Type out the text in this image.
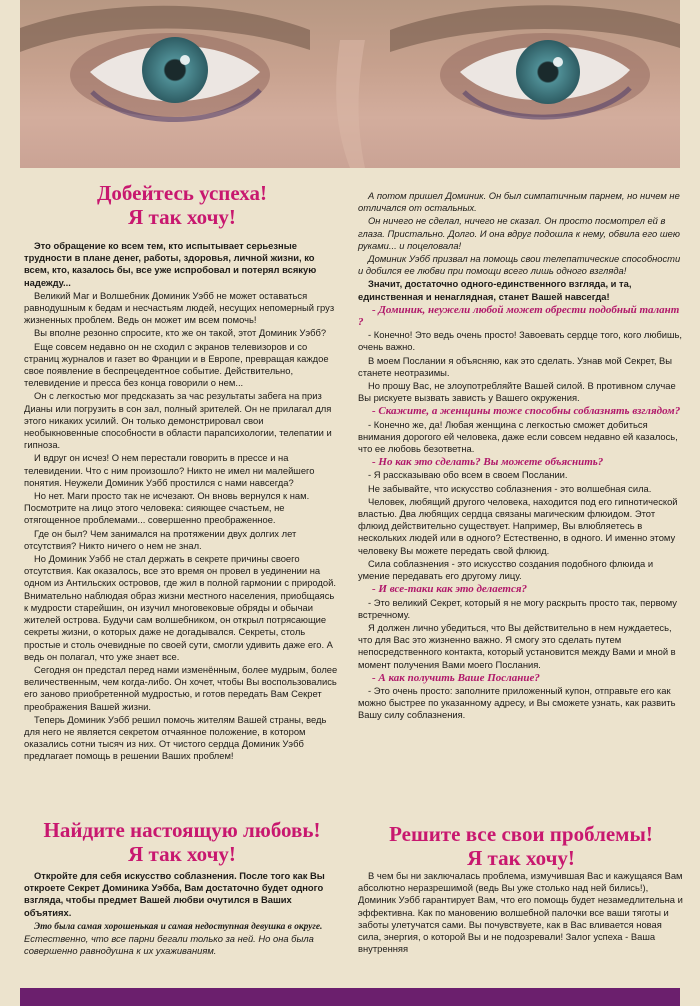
Добейтесь успеха!
Я так хочу!

Это обращение ко всем тем, кто испытывает серьезные трудности в плане денег, работы, здоровья, личной жизни, ко всем, кто, казалось бы, все уже испробовал и потерял всякую надежду...

Великий Маг и Волшебник Доминик Уэбб не может оставаться равнодушным к бедам и несчастьям людей, несущих непомерный груз жизненных проблем. Ведь он может им всем помочь!

Вы вполне резонно спросите, кто же он такой, этот Доминик Уэбб?

Еще совсем недавно он не сходил с экранов телевизоров и со страниц журналов и газет во Франции и в Европе, превращая каждое свое появление в беспрецедентное событие. Действительно, телевидение и пресса без конца говорили о нем...

Он с легкостью мог предсказать за час результаты забега на приз Дианы или погрузить в сон зал, полный зрителей. Он не прилагал для этого никаких усилий. Он только демонстрировал свои необыкновенные способности в области парапсихологии, телепатии и гипноза.

И вдруг он исчез! О нем перестали говорить в прессе и на телевидении. Что с ним произошло? Никто не имел ни малейшего понятия. Неужели Доминик Уэбб простился с нами навсегда?

Но нет. Маги просто так не исчезают. Он вновь вернулся к нам. Посмотрите на лицо этого человека: сияющее счастьем, не отягощенное проблемами... совершенно преображенное.

Где он был? Чем занимался на протяжении двух долгих лет отсутствия? Никто ничего о нем не знал.

Но Доминик Уэбб не стал держать в секрете причины своего отсутствия. Как оказалось, все это время он провел в уединении на одном из Антильских островов, где жил в полной гармонии с природой. Внимательно наблюдая образ жизни местного населения, приобщаясь к мудрости старейшин, он изучил многовековые обряды и обычаи жителей острова. Будучи сам волшебником, он открыл потрясающие секреты жизни, о которых даже не догадывался. Секреты, столь простые и столь очевидные по своей сути, смогли удивить даже его. А ведь он полагал, что уже знает все.

Сегодня он предстал перед нами изменённым, более мудрым, более величественным, чем когда-либо. Он хочет, чтобы Вы воспользовались его заново приобретенной мудростью, и готов передать Вам Секрет преображения Вашей жизни.

Теперь Доминик Уэбб решил помочь жителям Вашей страны, ведь для него не является секретом отчаянное положение, в котором оказались сотни тысяч из них. От чистого сердца Доминик Уэбб предлагает помощь в решении Ваших проблем!

А потом пришел Доминик. Он был симпатичным парнем, но ничем не отличался от остальных.

Он ничего не сделал, ничего не сказал. Он просто посмотрел ей в глаза. Пристально. Долго. И она вдруг подошла к нему, обвила его шею руками... и поцеловала!

Доминик Уэбб призвал на помощь свои телепатические способности и добился ее любви при помощи всего лишь одного взгляда!

Значит, достаточно одного-единственного взгляда, и та, единственная и ненаглядная, станет Вашей навсегда!

- Доминик, неужели любой может обрести подобный талант ?

- Конечно! Это ведь очень просто! Завоевать сердце того, кого любишь, очень важно.

В моем Послании я объясняю, как это сделать. Узнав мой Секрет, Вы станете неотразимы.

Но прошу Вас, не злоупотребляйте Вашей силой. В противном случае Вы рискуете вызвать зависть у Вашего окружения.

- Скажите, а женщины тоже способны соблазнять взглядом?

- Конечно же, да! Любая женщина с легкостью сможет добиться внимания дорогого ей человека, даже если совсем недавно ей казалось, что ее любовь безответна.

- Но как это сделать? Вы можете объяснить?

- Я рассказываю обо всем в своем Послании.

Не забывайте, что искусство соблазнения - это волшебная сила.

Человек, любящий другого человека, находится под его гипнотической властью. Два любящих сердца связаны магическим флюидом. Этот флюид действительно существует. Например, Вы влюбляетесь в нескольких людей или в одного? Естественно, в одного. И именно этому человеку Вы можете передать свой флюид.

Сила соблазнения - это искусство создания подобного флюида и умение передавать его другому лицу.

- И все-таки как это делается?

- Это великий Секрет, который я не могу раскрыть просто так, первому встречному.

Я должен лично убедиться, что Вы действительно в нем нуждаетесь, что для Вас это жизненно важно. Я смогу это сделать путем непосредственного контакта, который установится между Вами и мной в момент получения Вами моего Послания.

- А как получить Ваше Послание?

- Это очень просто: заполните приложенный купон, отправьте его как можно быстрее по указанному адресу, и Вы сможете узнать, как развить Вашу силу соблазнения.

Найдите настоящую любовь!
Я так хочу!
Решите все свои проблемы!
Я так хочу!

Откройте для себя искусство соблазнения. После того как Вы откроете Секрет Доминика Уэбба, Вам достаточно будет одного взгляда, чтобы предмет Вашей любви очутился в Ваших объятиях.

Это была самая хорошенькая и самая недоступная девушка в округе. Естественно, что все парни бегали только за ней. Но она была совершенно равнодушна к их ухаживаниям.

В чем бы ни заключалась проблема, измучившая Вас и кажущаяся Вам абсолютно неразрешимой (ведь Вы уже столько над ней бились!), Доминик Уэбб гарантирует Вам, что его помощь будет незамедлительна и эффективна. Как по мановению волшебной палочки все ваши тяготы и заботы улетучатся сами. Вы почувствуете, как в Вас вливается новая сила, энергия, о которой Вы и не подозревали! Залог успеха - Ваша внутренняя
